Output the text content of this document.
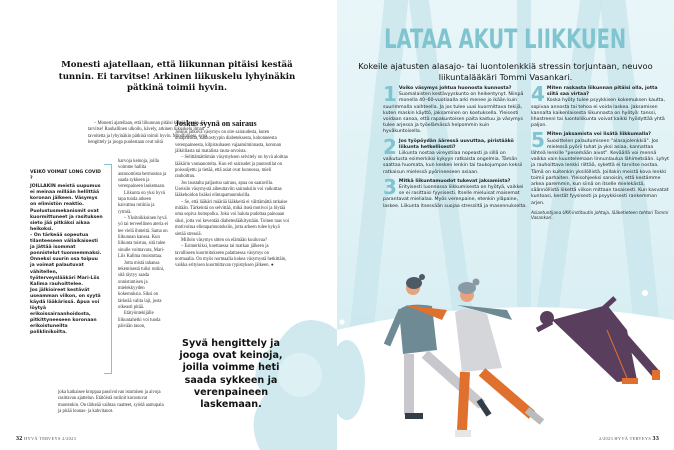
Monesti ajatellaan, että liikunnan pitäisi kestää tunnin. Ei tarvitse! Arkinen liikuskelu lyhyinäkin pätkinä toimii hyvin.

– Monesti ajatellaan, että liikunnan pitäisi kestää tunnin. Ei tarvitse! Rauhallinen ulkoilu, kävely, arkinen liikuskelu ilman tavoitetta ja lyhyinäkin pätkinä toimii hyvin. Mindfulness, syvä hengittely ja jooga puolestaan ovat niitä

harvoja keinoja, joilla voimme hallita autonomista hermostoa ja saada sykkeen ja verenpaineen laskemaan.

Liikunta on yksi hyvä tapa tuoda arkeen kaivattua rutiinia ja rytmiä.

– Yksitoikkoinen hyvä yö tai terveellinen ateria ei tee vielä ihmeitä. Sama on liikunnan kanssa. Kun liikunta toistuu, sitä tulee sinulle voimavara, Mari-Liis Kalima muistuttaa.

Jotta mistä tahansa tekemisestä tulisi rutiini, sitä täytyy saada onnistumisen ja mielekkyyden kokemuksia. Siksi on tärkeää valita laji, josta oikeasti pitää.

Etätyöntekijälle liikuntahetki voi tuoda päivään tauon,

VEIKÖ VOIMAT LONG COVID ?

JOILLAKIN meistä uupumus ei meinaa millään hellittää koronan jälkeen. Väsymys on elimistön reaktio. Puolustusmekanismit ovat kuormittuneet ja rasituksen sieto jää pitkäksi aikaa heikoksi.

– On tärkeää sopeutua tilanteeseen väliaikaisesti ja jättää isommat ponnistelut tuonnemmaksi. Onneksi suurin osa toipuu ja voimat palautuvat vähitellen, työterveyslääkäri Mari-Liis Kalima rauhoittelee.

Jos jälkioireet kestävät useamman viikon, on syytä käydä lääkärissä. Apua voi löytyä erikoissairaanhoidosta, pitkittyneeseen koronaan erikoistuneilta poliklinikoilta.

joka katkaisee kroppaa passivoivan istumisen ja aivoja rasittavan ajattelun. Etätöistä rutiinit korostuvat muutenkin. On tärkeää vaihtaa vaatteet, syödä aamupala ja pitää lounas- ja kahvitauot.
Joskus syynä on sairaus

Joskus jatkuva väsymys on oire sairaudesta, kuten uniapneasta, kakkostyypin diabeteksesta, kohonneesta verenpaineesta, kilpirauhasen vajaatoiminnasta, koronan jälkitilasta tai matalista rauta-arvoista.

– Selittämättömän väsymyksen selvitely on hyvä aloittaa lääkärin vastaanotolta. Kun eri sairaudet ja puutostilat on poissuljettu ja tietää, että asiat ovat kunnossa, mieli rauhoittuu.

Jos taustalta paljastuu sairaus, apua on saatavilla. Useisiin väsymystä aiheuttaviin sairauksiin voi vaikuttaa lääkehoidon lisäksi elintapamuutoksilla.

– Se, että lääkäri määrää lääkkeitä ei välttämättä ratkaise mitään. Tärkeintä on selvittää, mikä itseä motivoi ja löytää oma sopiva hoitopolku. Joku voi haluta pudottaa painoaan siksi, jotta voi keventää diabeteslääkitystään. Toinen taas voi motivoitua elintapamuutoksiin, jotta arkeen tulee kykyä sietää stressiä.

Milloin väsymys sitten on elämään kuuluvaa?

– Esimerkiksi, koettaessa tai matkan jälkeen ja tavalliseen kuormitukseen palattaessa väsymys on normaalia. On myös normaalia kokea väsymystä hetkittäin, vaikka erityisen kuormittavan rypistyksen jälkeen. ●

Syvä hengittely ja jooga ovat keinoja, joilla voimme heti saada sykkeen ja verenpaineen laskemaan.
32 HYVÄ TERVEYS 2/2023
LATAA AKUT LIIKKUEN
Kokeile ajatusten alasajo- tai luontolenkkiä stressin torjuntaan, neuvoo liikuntalääkäri Tommi Vasankari.
1 Voiko väsymys johtua huonosta kunnosta?
Suomalaisten kestävyyskunto on heikentynyt. Niinpä monella 40–60-vuotiaalla arki menee jo ikään kuin suurimmalla vaihteella. Ja jos tulee uusi kuormittava tekijä, kuten maskin käyttö, jaksaminen on koetuksella. Yleisesti voidaan sanoa, että rapakuntoisen paita kastuu ja väsymys tulee arjessa ja työelämässä helpommin kuin hyväkuntoisella.
2 Jos työpöydän ääressä uuvuttaa, piristääkö liikunta hetkellisesti?
Liikunta nostaa vireystilaa nopeasti ja sillä on vaikutusta esimerkiksi kykyyn ratkaista ongelmia. Tämän saattaa huomata, kun kesken lenkin tai taukojumpan keksii ratkaisun mielessä pyörineeseen asiaan.
3 Mitkä liikuntamuodot tukevat jaksamista?
Erityisesti luonnossa liikkumisesta on hyötyä, vaikkei se ei rasittaisi fyysisesti. Itselle mieluisat maisemat parantavat mielialaa. Myös verenpaine, etenkin yläpaine, laskee. Liikunta itsessään suojaa stressiltä ja masennukselta.
4 Miten raskasta liikunnan pitäisi olla, jotta siitä saa virtaa?
Koska hyöty tulee psyykkisen kokemuksen kautta, sopivaa annosta tai tehoa ei voida laskea. Jaksamisen kannalta kaikenlaisesta liikunnasta on hyötyä: tanssi, lihastreeni tai luontoliikunta voivat kaikki hyödyttää yhtä paljon.
5 Miten jaksamista voi lisätä liikkumalla?
Suosittelen palautumiseen "alasajolenkkiä". Jos mielessä pyörii tuhat ja yksi asiaa, kannattaa lähteä lenkille "pesemään aivot". Keväällä voi mennä vaikka vain kuuntelemaan linnunlaulua lähimetsään. Lyhyt ja rauhoittava lenkki riittää, sykettä ei tarvitse nostaa. Tämä on kuitenkin yksilöllistä. Joillakin meistä kova lenkki toimii parhaiten. Yleisohjeeksi sanoisin, että kestämme arkea paremmin, kun siinä on itselle mielekästä, säännöllistä liikettä viikon mittaan tasaisesti. Kun kasvatat kuntoasi, kestät fyysisesti ja psyykkisesti rankemman arjen.
Asiantuntijana UKK-instituutin johtaja, lääketieteen tohtori Tommi Vasankari.
2/2023 HYVÄ TERVEYS 33
